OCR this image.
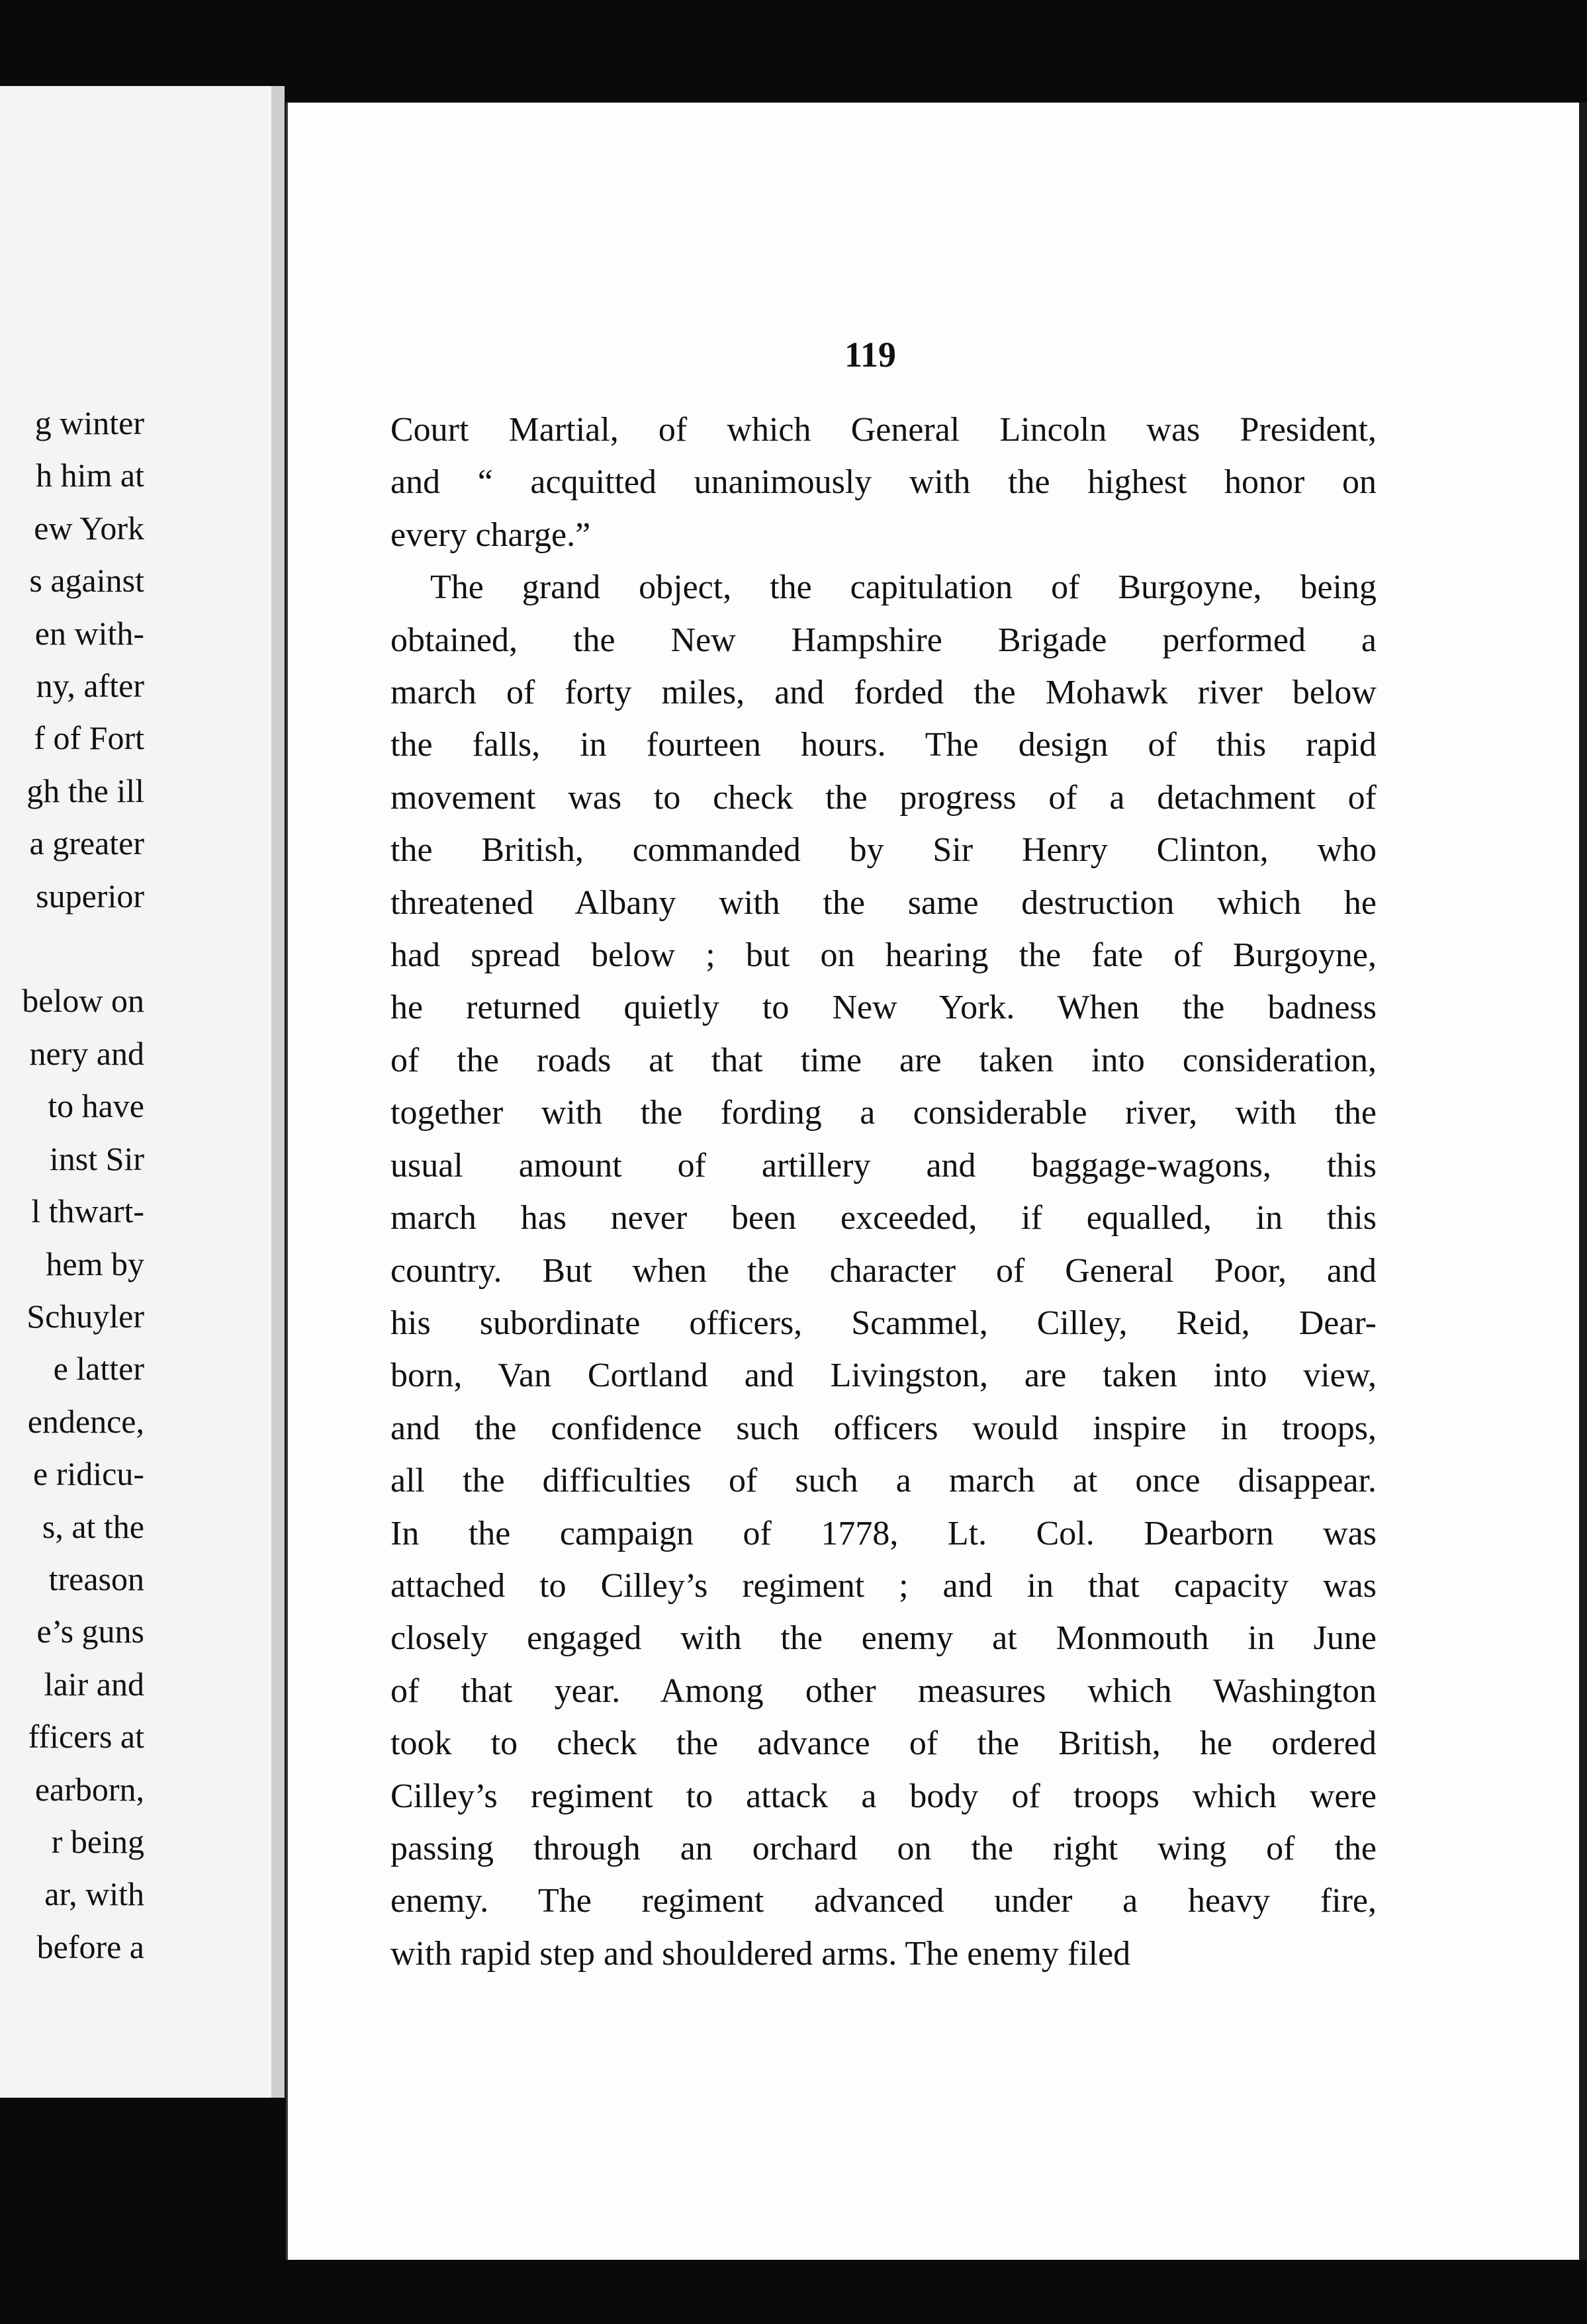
g winter
h him at
ew York
s against
en with-
ny, after
f of Fort
gh the ill
a greater
superior

below on
nery and
to have
inst Sir
l thwart-
hem by
Schuyler
e latter
endence,
e ridicu-
s, at the
treason
e’s guns
lair and
fficers at
earborn,
r being
ar, with
before a
119
Court Martial, of which General Lincoln was President,
and “ acquitted unanimously with the highest honor on
every charge.”
The grand object, the capitulation of Burgoyne, being
obtained, the New Hampshire Brigade performed a
march of forty miles, and forded the Mohawk river below
the falls, in fourteen hours. The design of this rapid
movement was to check the progress of a detachment of
the British, commanded by Sir Henry Clinton, who
threatened Albany with the same destruction which he
had spread below ; but on hearing the fate of Burgoyne,
he returned quietly to New York. When the badness
of the roads at that time are taken into consideration,
together with the fording a considerable river, with the
usual amount of artillery and baggage-wagons, this
march has never been exceeded, if equalled, in this
country. But when the character of General Poor, and
his subordinate officers, Scammel, Cilley, Reid, Dear-
born, Van Cortland and Livingston, are taken into view,
and the confidence such officers would inspire in troops,
all the difficulties of such a march at once disappear.
In the campaign of 1778, Lt. Col. Dearborn was
attached to Cilley’s regiment ; and in that capacity was
closely engaged with the enemy at Monmouth in June
of that year. Among other measures which Washington
took to check the advance of the British, he ordered
Cilley’s regiment to attack a body of troops which were
passing through an orchard on the right wing of the
enemy. The regiment advanced under a heavy fire,
with rapid step and shouldered arms. The enemy filed
